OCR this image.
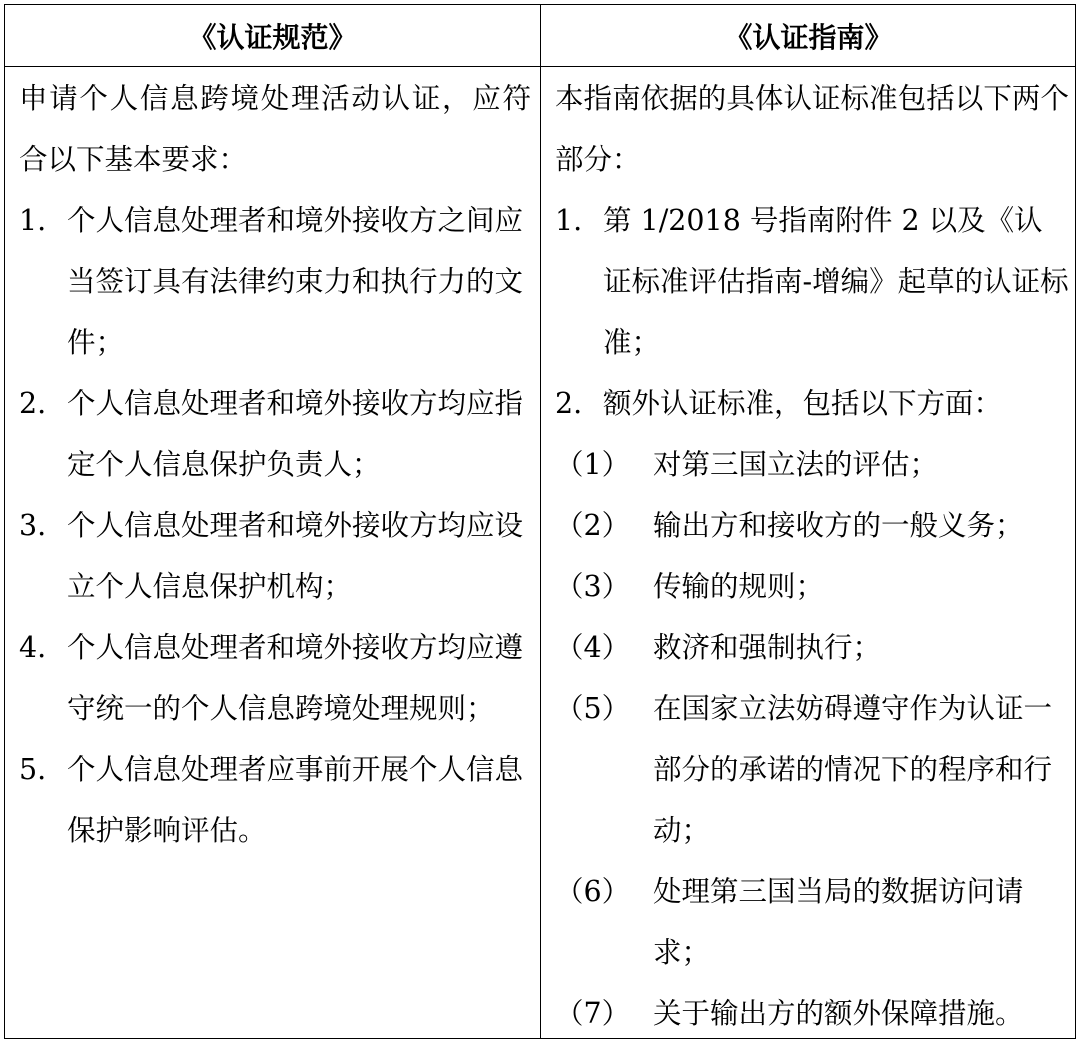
《认证规范》	《认证指南》

申请个人信息跨境处理活动认证，应符合以下基本要求：

1. 个人信息处理者和境外接收方之间应当签订具有法律约束力和执行力的文件；
2. 个人信息处理者和境外接收方均应指定个人信息保护负责人；
3. 个人信息处理者和境外接收方均应设立个人信息保护机构；
4. 个人信息处理者和境外接收方均应遵守统一的个人信息跨境处理规则；
5. 个人信息处理者应事前开展个人信息保护影响评估。

本指南依据的具体认证标准包括以下两个部分：

1. 第 1/2018 号指南附件 2 以及《认证标准评估指南-增编》起草的认证标准；
2. 额外认证标准，包括以下方面：
（1） 对第三国立法的评估；
（2） 输出方和接收方的一般义务；
（3） 传输的规则；
（4） 救济和强制执行；
（5） 在国家立法妨碍遵守作为认证一部分的承诺的情况下的程序和行动；
（6） 处理第三国当局的数据访问请求；
（7） 关于输出方的额外保障措施。
